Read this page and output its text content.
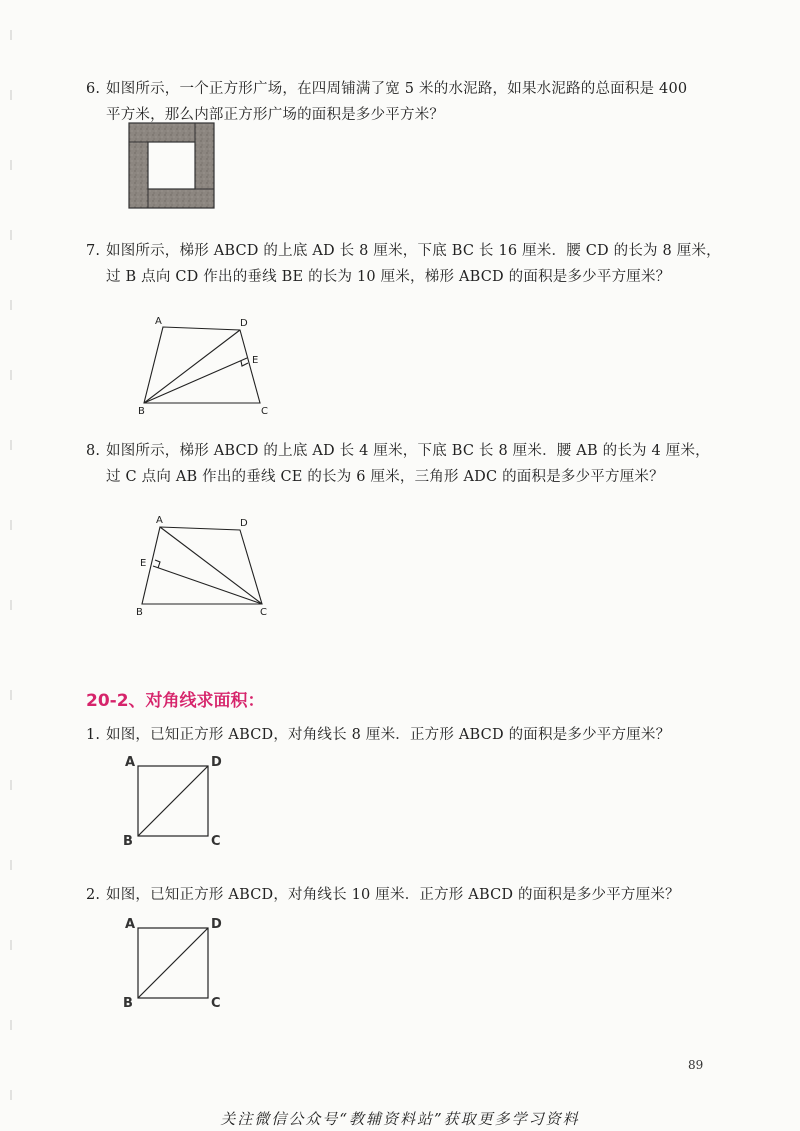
6. 如图所示，一个正方形广场，在四周铺满了宽 5 米的水泥路，如果水泥路的总面积是 400
平方米，那么内部正方形广场的面积是多少平方米？
7. 如图所示，梯形 ABCD 的上底 AD 长 8 厘米，下底 BC 长 16 厘米．腰 CD 的长为 8 厘米，
过 B 点向 CD 作出的垂线 BE 的长为 10 厘米，梯形 ABCD 的面积是多少平方厘米？
A	D
E
B	C
8. 如图所示，梯形 ABCD 的上底 AD 长 4 厘米，下底 BC 长 8 厘米．腰 AB 的长为 4 厘米，
过 C 点向 AB 作出的垂线 CE 的长为 6 厘米，三角形 ADC 的面积是多少平方厘米？
A	D
E
B	C
20-2、对角线求面积：
1. 如图，已知正方形 ABCD，对角线长 8 厘米．正方形 ABCD 的面积是多少平方厘米？
A	D
B	C
2. 如图，已知正方形 ABCD，对角线长 10 厘米．正方形 ABCD 的面积是多少平方厘米？
A	D
B	C
89
关注微信公众号“教辅资料站”获取更多学习资料
